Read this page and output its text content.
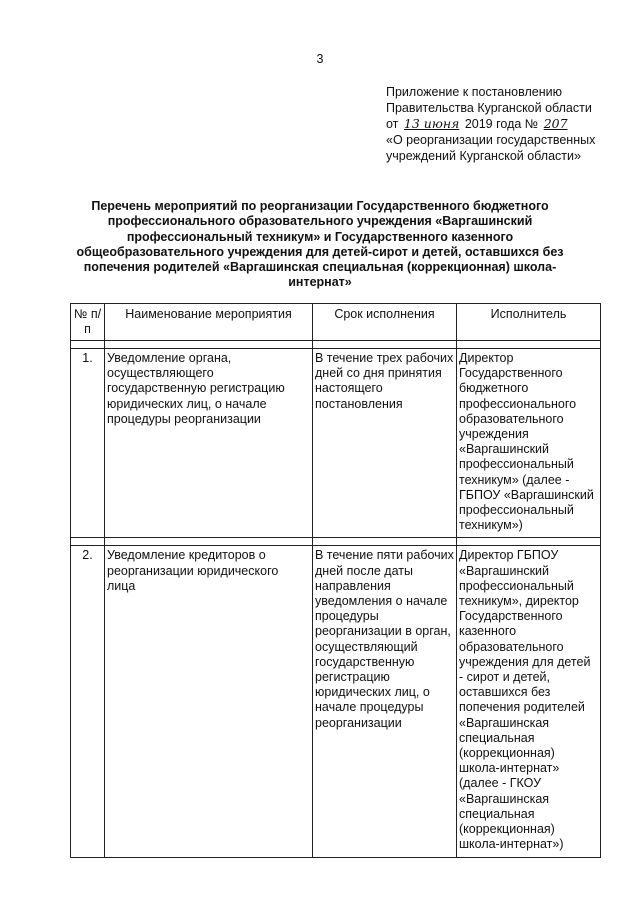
3
Приложение к постановлению
Правительства Курганской области
от 13 июня 2019 года № 207
«О реорганизации государственных
учреждений Курганской области»
Перечень мероприятий по реорганизации Государственного бюджетного профессионального образовательного учреждения «Варгашинский профессиональный техникум» и Государственного казенного общеобразовательного учреждения для детей-сирот и детей, оставшихся без попечения родителей «Варгашинская специальная (коррекционная) школа-интернат»
№ п/п	Наименование мероприятия	Срок исполнения	Исполнитель

1.	Уведомление органа, осуществляющего государственную регистрацию юридических лиц, о начале процедуры реорганизации	В течение трех рабочих дней со дня принятия настоящего постановления	Директор Государственного бюджетного профессионального образовательного учреждения «Варгашинский профессиональный техникум» (далее - ГБПОУ «Варгашинский профессиональный техникум»)

2.	Уведомление кредиторов о реорганизации юридического лица	В течение пяти рабочих дней после даты направления уведомления о начале процедуры реорганизации в орган, осуществляющий государственную регистрацию юридических лиц, о начале процедуры реорганизации	Директор ГБПОУ «Варгашинский профессиональный техникум», директор Государственного казенного образовательного учреждения для детей - сирот и детей, оставшихся без попечения родителей «Варгашинская специальная (коррекционная) школа-интернат» (далее - ГКОУ «Варгашинская специальная (коррекционная) школа-интернат»)
